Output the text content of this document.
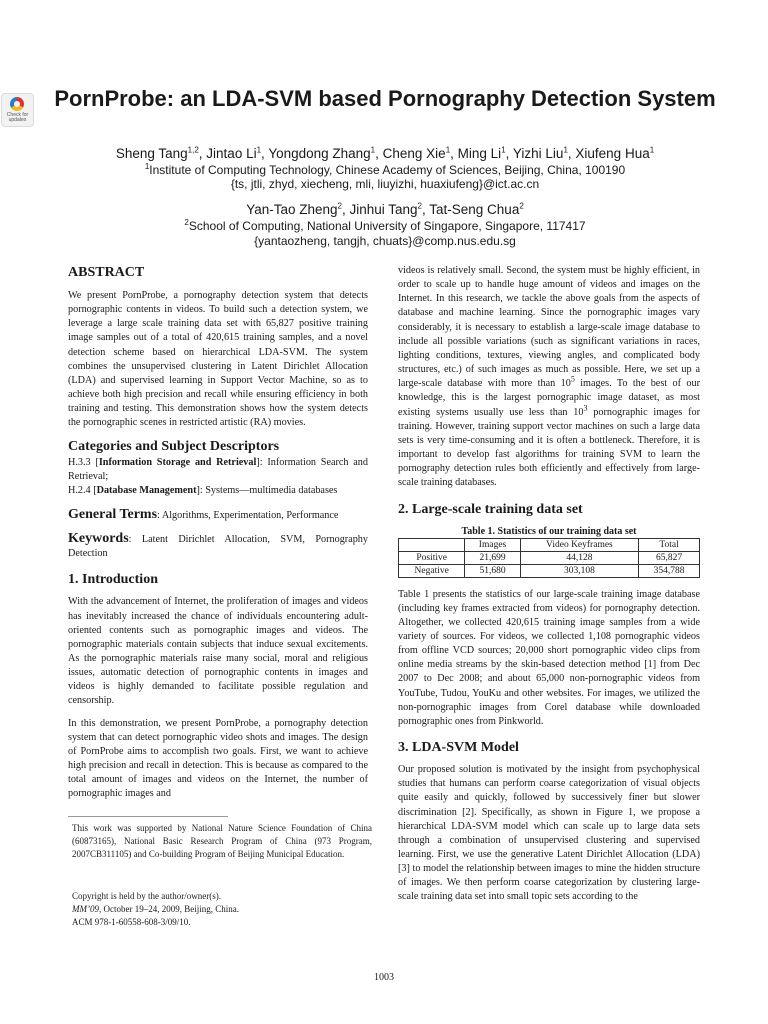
Check for updates
PornProbe: an LDA-SVM based Pornography Detection System

Sheng Tang$^{1,2}$, Jintao Li$^1$, Yongdong Zhang$^1$, Cheng Xie$^1$, Ming Li$^1$, Yizhi Liu$^1$, Xiufeng Hua$^1$

$^1$Institute of Computing Technology, Chinese Academy of Sciences, Beijing, China, 100190

{ts, jtli, zhyd, xiecheng, mli, liuyizhi, huaxiufeng}@ict.ac.cn

Yan-Tao Zheng$^2$, Jinhui Tang$^2$, Tat-Seng Chua$^2$

$^2$School of Computing, National University of Singapore, Singapore, 117417

{yantaozheng, tangjh, chuats}@comp.nus.edu.sg

ABSTRACT

We present PornProbe, a pornography detection system that detects pornographic contents in videos. To build such a detection system, we leverage a large scale training data set with 65,827 positive training image samples out of a total of 420,615 training samples, and a novel detection scheme based on hierarchical LDA-SVM. The system combines the unsupervised clustering in Latent Dirichlet Allocation (LDA) and supervised learning in Support Vector Machine, so as to achieve both high precision and recall while ensuring efficiency in both training and testing. This demonstration shows how the system detects the pornographic scenes in restricted artistic (RA) movies.

Categories and Subject Descriptors

H.3.3 [Information Storage and Retrieval]: Information Search and Retrieval;

H.2.4 [Database Management]: Systems—multimedia databases

General Terms: Algorithms, Experimentation, Performance

Keywords: Latent Dirichlet Allocation, SVM, Pornography Detection

1. Introduction

With the advancement of Internet, the proliferation of images and videos has inevitably increased the chance of individuals encountering adult-oriented contents such as pornographic images and videos. The pornographic materials contain subjects that induce sexual excitements. As the pornographic materials raise many social, moral and religious issues, automatic detection of pornographic contents in images and videos is highly demanded to facilitate possible regulation and censorship.

In this demonstration, we present PornProbe, a pornography detection system that can detect pornographic video shots and images. The design of PornProbe aims to accomplish two goals. First, we want to achieve high precision and recall in detection. This is because as compared to the total amount of images and videos on the Internet, the number of pornographic images and

This work was supported by National Nature Science Foundation of China (60873165), National Basic Research Program of China (973 Program, 2007CB311105) and Co-building Program of Beijing Municipal Education.

Copyright is held by the author/owner(s).

MM’09, October 19–24, 2009, Beijing, China.

ACM 978-1-60558-608-3/09/10.

videos is relatively small. Second, the system must be highly efficient, in order to scale up to handle huge amount of videos and images on the Internet. In this research, we tackle the above goals from the aspects of database and machine learning. Since the pornographic images vary considerably, it is necessary to establish a large-scale image database to include all possible variations (such as significant variations in races, lighting conditions, textures, viewing angles, and complicated body structures, etc.) of such images as much as possible. Here, we set up a large-scale database with more than $10^5$ images. To the best of our knowledge, this is the largest pornographic image dataset, as most existing systems usually use less than $10^3$ pornographic images for training. However, training support vector machines on such a large data sets is very time-consuming and it is often a bottleneck. Therefore, it is important to develop fast algorithms for training SVM to learn the pornography detection rules both efficiently and effectively from large-scale training databases.

2. Large-scale training data set

Table 1. Statistics of our training data set

	Images	Video Keyframes	Total
Positive	21,699	44,128	65,827
Negative	51,680	303,108	354,788

Table 1 presents the statistics of our large-scale training image database (including key frames extracted from videos) for pornography detection. Altogether, we collected 420,615 training image samples from a wide variety of sources. For videos, we collected 1,108 pornographic videos from offline VCD sources; 20,000 short pornographic video clips from online media streams by the skin-based detection method [1] from Dec 2007 to Dec 2008; and about 65,000 non-pornographic videos from YouTube, Tudou, YouKu and other websites. For images, we utilized the non-pornographic images from Corel database while downloaded pornographic ones from Pinkworld.

3. LDA-SVM Model

Our proposed solution is motivated by the insight from psychophysical studies that humans can perform coarse categorization of visual objects quite easily and quickly, followed by successively finer but slower discrimination [2]. Specifically, as shown in Figure 1, we propose a hierarchical LDA-SVM model which can scale up to large data sets through a combination of unsupervised clustering and supervised learning. First, we use the generative Latent Dirichlet Allocation (LDA) [3] to model the relationship between images to mine the hidden structure of images. We then perform coarse categorization by clustering large-scale training data set into small topic sets according to the

1003
